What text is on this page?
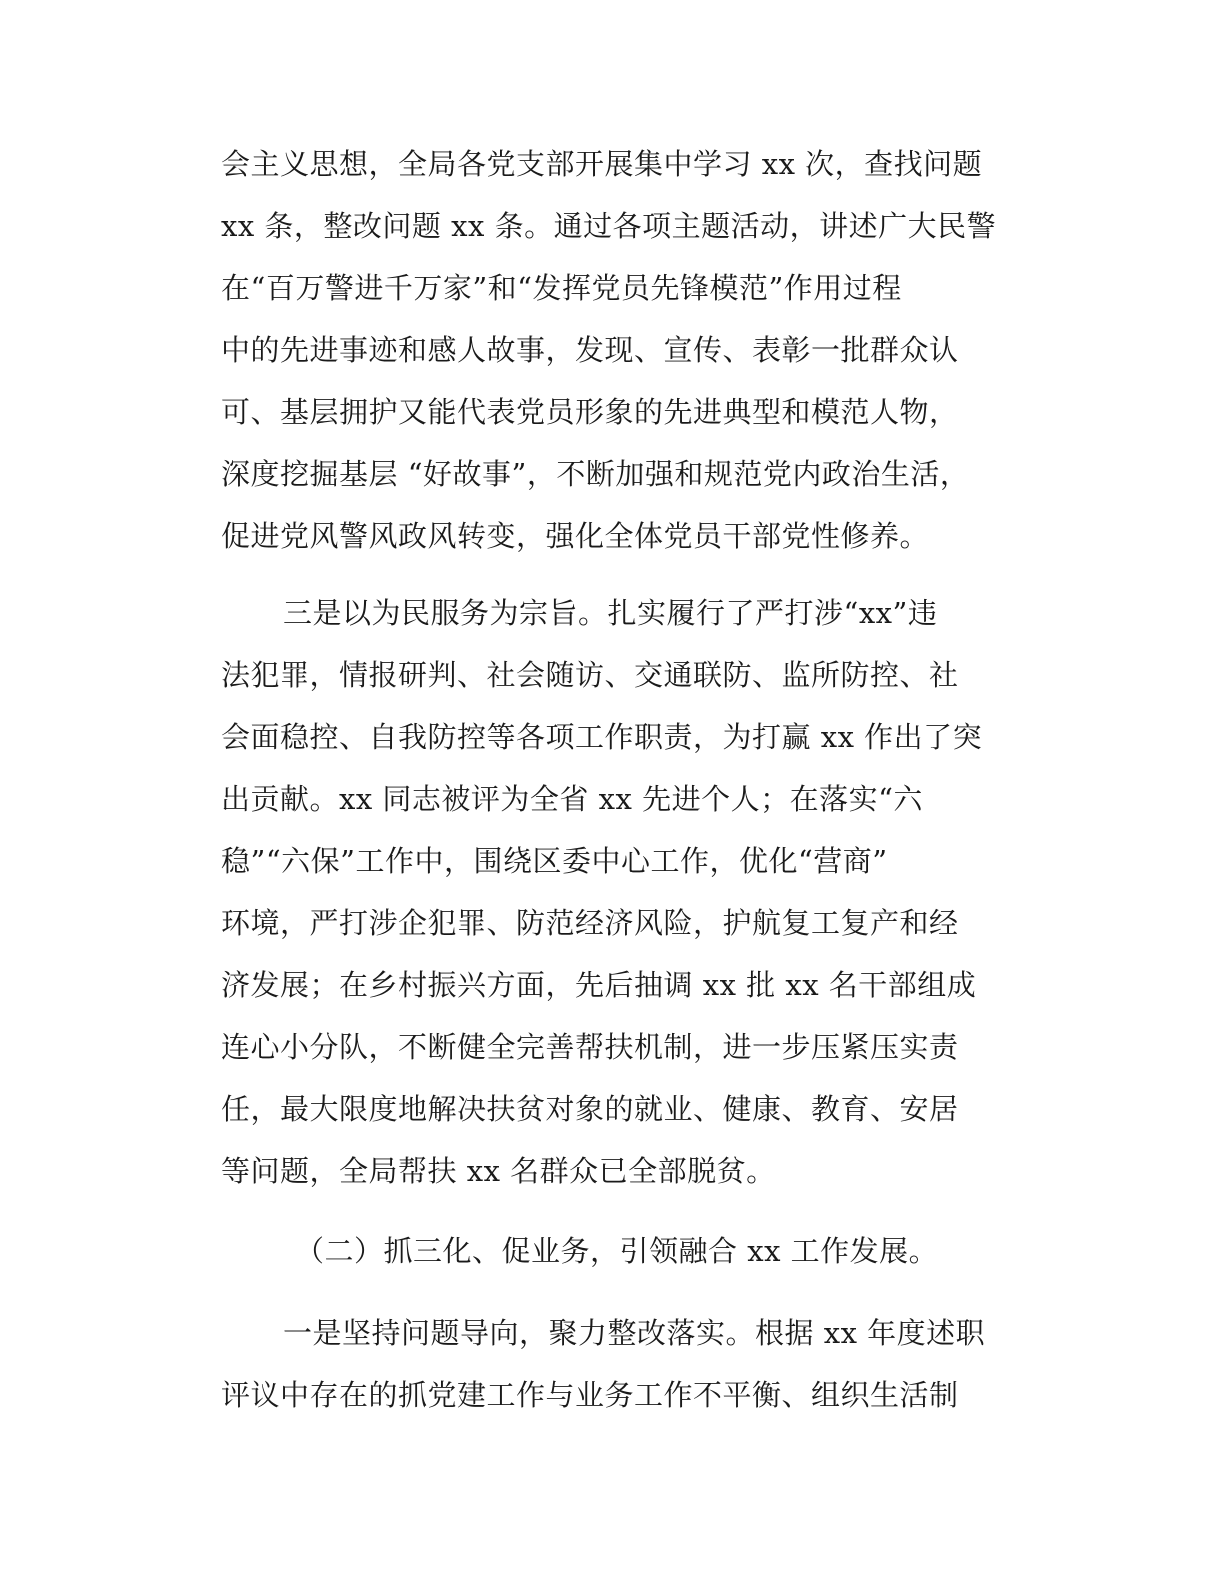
会主义思想，全局各党支部开展集中学习 xx 次，查找问题
xx 条，整改问题 xx 条。通过各项主题活动，讲述广大民警
在“百万警进千万家”和“发挥党员先锋模范”作用过程
中的先进事迹和感人故事，发现、宣传、表彰一批群众认
可、基层拥护又能代表党员形象的先进典型和模范人物，
深度挖掘基层 “好故事”，不断加强和规范党内政治生活，
促进党风警风政风转变，强化全体党员干部党性修养。
三是以为民服务为宗旨。扎实履行了严打涉“xx”违
法犯罪，情报研判、社会随访、交通联防、监所防控、社
会面稳控、自我防控等各项工作职责，为打赢 xx 作出了突
出贡献。xx 同志被评为全省 xx 先进个人；在落实“六
稳”“六保”工作中，围绕区委中心工作，优化“营商”
环境，严打涉企犯罪、防范经济风险，护航复工复产和经
济发展；在乡村振兴方面，先后抽调 xx 批 xx 名干部组成
连心小分队，不断健全完善帮扶机制，进一步压紧压实责
任，最大限度地解决扶贫对象的就业、健康、教育、安居
等问题，全局帮扶 xx 名群众已全部脱贫。
（二）抓三化、促业务，引领融合 xx 工作发展。
一是坚持问题导向，聚力整改落实。根据 xx 年度述职
评议中存在的抓党建工作与业务工作不平衡、组织生活制
